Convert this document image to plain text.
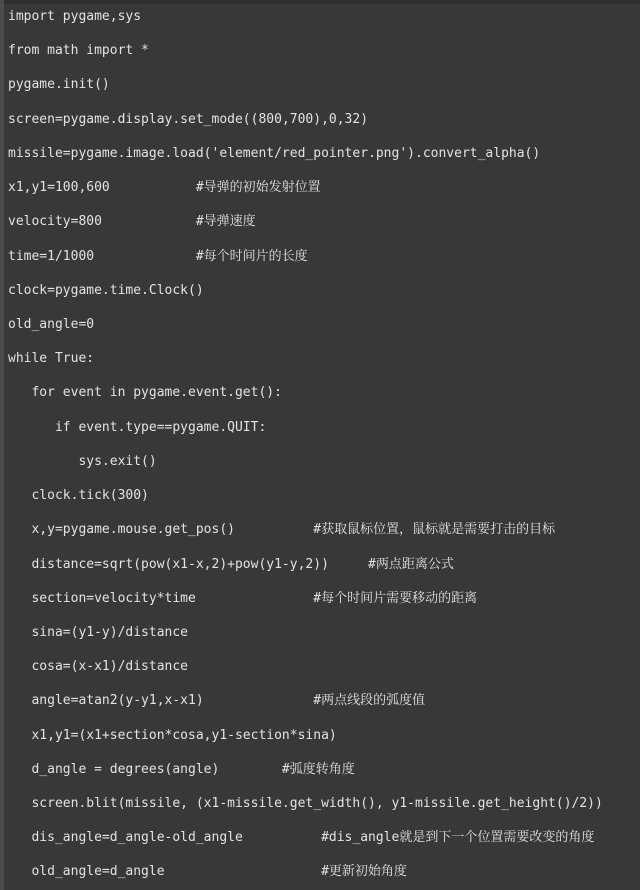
import pygame,sys
from math import *
pygame.init()
screen=pygame.display.set_mode((800,700),0,32)
missile=pygame.image.load('element/red_pointer.png').convert_alpha()
x1,y1=100,600           #导弹的初始发射位置
velocity=800            #导弹速度
time=1/1000             #每个时间片的长度
clock=pygame.time.Clock()
old_angle=0
while True:
for event in pygame.event.get():
if event.type==pygame.QUIT:
sys.exit()
clock.tick(300)
x,y=pygame.mouse.get_pos()          #获取鼠标位置，鼠标就是需要打击的目标
distance=sqrt(pow(x1-x,2)+pow(y1-y,2))     #两点距离公式
section=velocity*time               #每个时间片需要移动的距离
sina=(y1-y)/distance
cosa=(x-x1)/distance
angle=atan2(y-y1,x-x1)              #两点线段的弧度值
x1,y1=(x1+section*cosa,y1-section*sina)
d_angle = degrees(angle)        #弧度转角度
screen.blit(missile, (x1-missile.get_width(), y1-missile.get_height()/2))
dis_angle=d_angle-old_angle          #dis_angle就是到下一个位置需要改变的角度
old_angle=d_angle                    #更新初始角度
